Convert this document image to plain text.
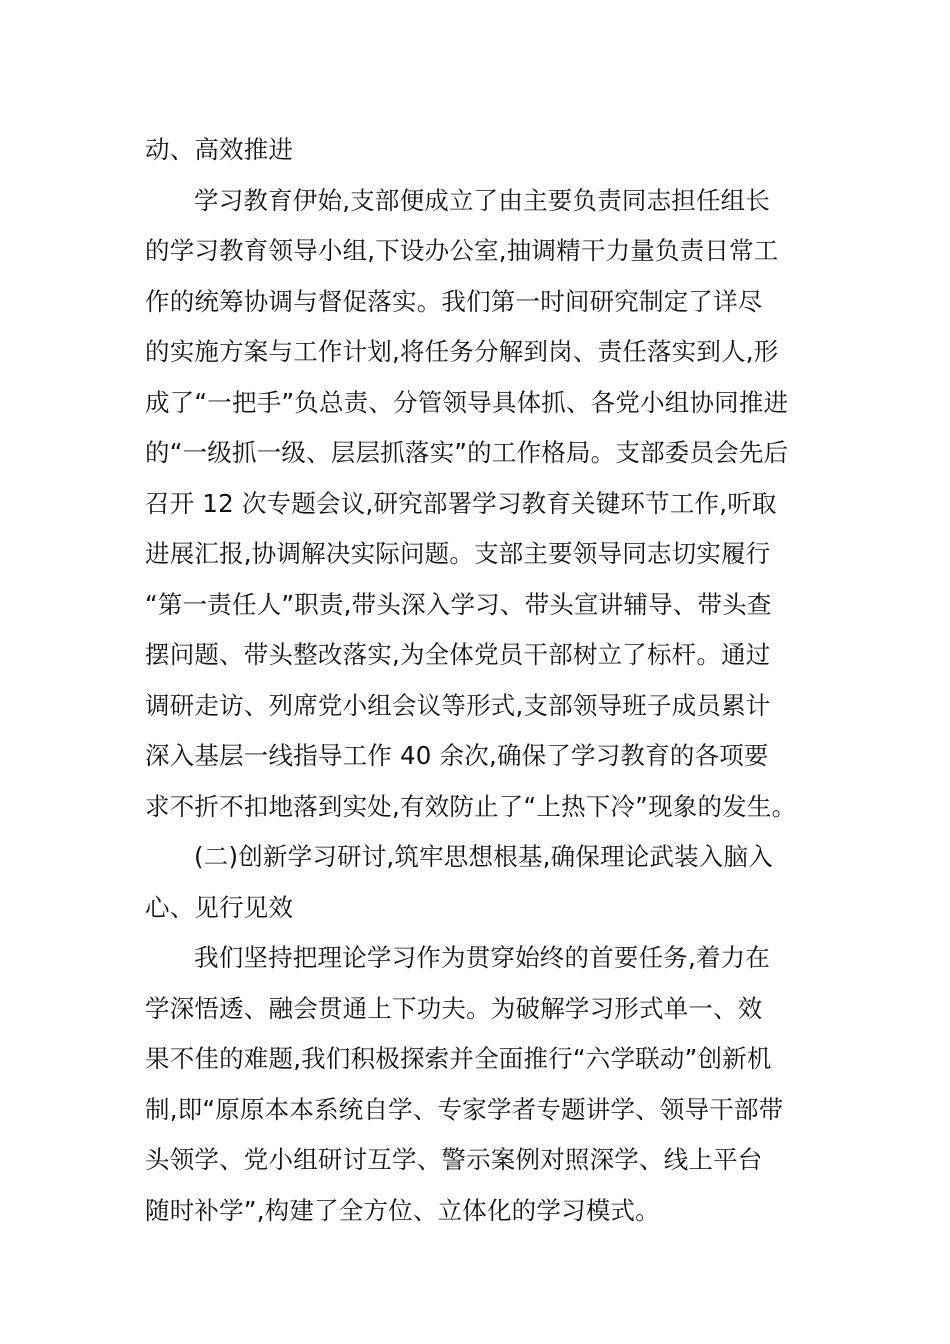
动、高效推进
学习教育伊始,支部便成立了由主要负责同志担任组长
的学习教育领导小组,下设办公室,抽调精干力量负责日常工
作的统筹协调与督促落实。我们第一时间研究制定了详尽
的实施方案与工作计划,将任务分解到岗、责任落实到人,形
成了“一把手”负总责、分管领导具体抓、各党小组协同推进
的“一级抓一级、层层抓落实”的工作格局。支部委员会先后
召开 12 次专题会议,研究部署学习教育关键环节工作,听取
进展汇报,协调解决实际问题。支部主要领导同志切实履行
“第一责任人”职责,带头深入学习、带头宣讲辅导、带头查
摆问题、带头整改落实,为全体党员干部树立了标杆。通过
调研走访、列席党小组会议等形式,支部领导班子成员累计
深入基层一线指导工作 40 余次,确保了学习教育的各项要
求不折不扣地落到实处,有效防止了“上热下冷”现象的发生。
(二)创新学习研讨,筑牢思想根基,确保理论武装入脑入
心、见行见效
我们坚持把理论学习作为贯穿始终的首要任务,着力在
学深悟透、融会贯通上下功夫。为破解学习形式单一、效
果不佳的难题,我们积极探索并全面推行“六学联动”创新机
制,即“原原本本系统自学、专家学者专题讲学、领导干部带
头领学、党小组研讨互学、警示案例对照深学、线上平台
随时补学”,构建了全方位、立体化的学习模式。
